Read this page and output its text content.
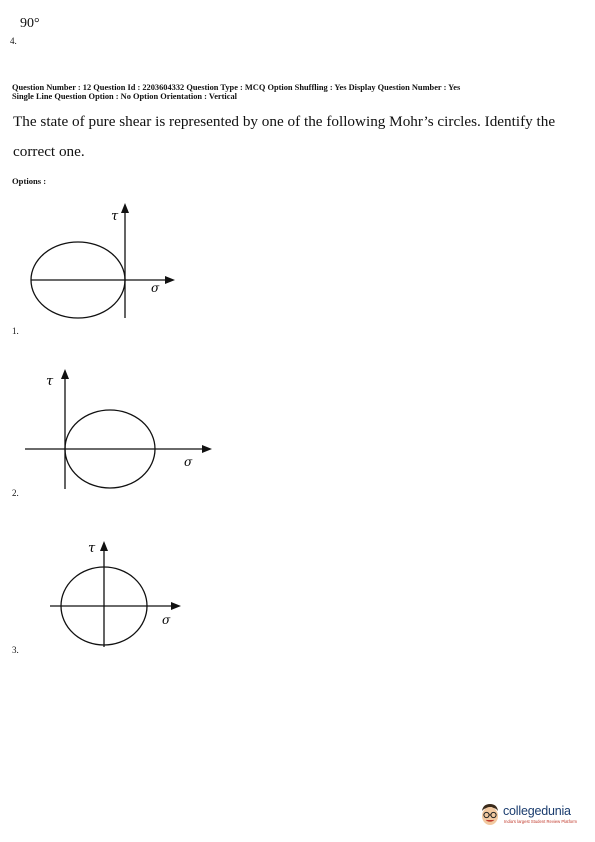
90°
4.
Question Number : 12 Question Id : 2203604332 Question Type : MCQ Option Shuffling : Yes Display Question Number : Yes
Single Line Question Option : No Option Orientation : Vertical
The state of pure shear is represented by one of the following Mohr’s circles. Identify the correct one.
Options :
τ
σ
1.
τ
σ
2.
τ
σ
3.
collegedunia
India's largest Student Review Platform
